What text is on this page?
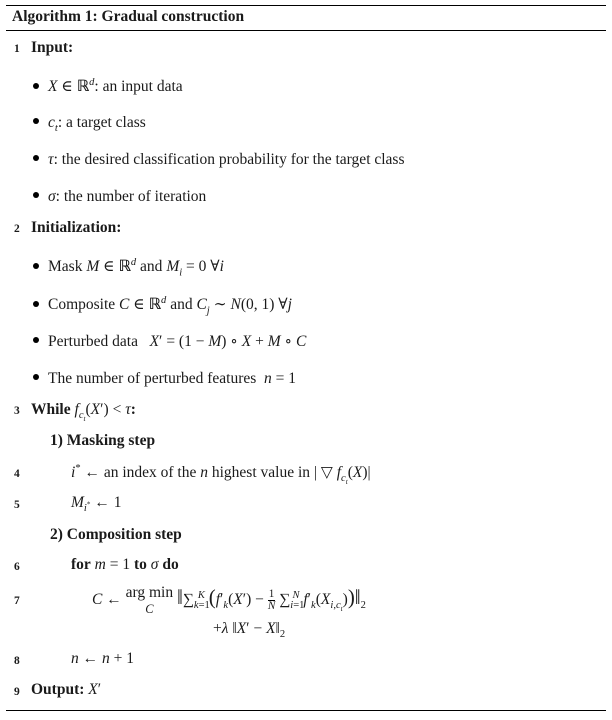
Algorithm 1: Gradual construction
1 Input:
X ∈ ℝ$^d$: an input data
$c_t$: a target class
τ: the desired classification probability for the target class
σ: the number of iteration
2 Initialization:
Mask M ∈ ℝ$^d$ and $M_i = 0$ ∀i
Composite C ∈ ℝ$^d$ and $C_j$ ∼ N(0, 1) ∀j
Perturbed data X′ = (1 − M) ∘ X + M ∘ C
The number of perturbed features n = 1
3 While $f_{c_t}(X') < \tau$:
1) Masking step
4	i* ← an index of the n highest value in | ▽ $f_{c_t}(X)|$
5	$M_{i^*}$ ← 1
2) Composition step
6	for m = 1 to σ do
7	C ← arg min
C $‖\sum_{k=1}^K$ ($f'_k(X') - \frac{1}{N} \sum_{i=1}^N$ $f'_k(X_{i,c_t}))‖_2$
+λ ‖X′ − $X‖_2$
8	n ← n + 1
9 Output: X′
